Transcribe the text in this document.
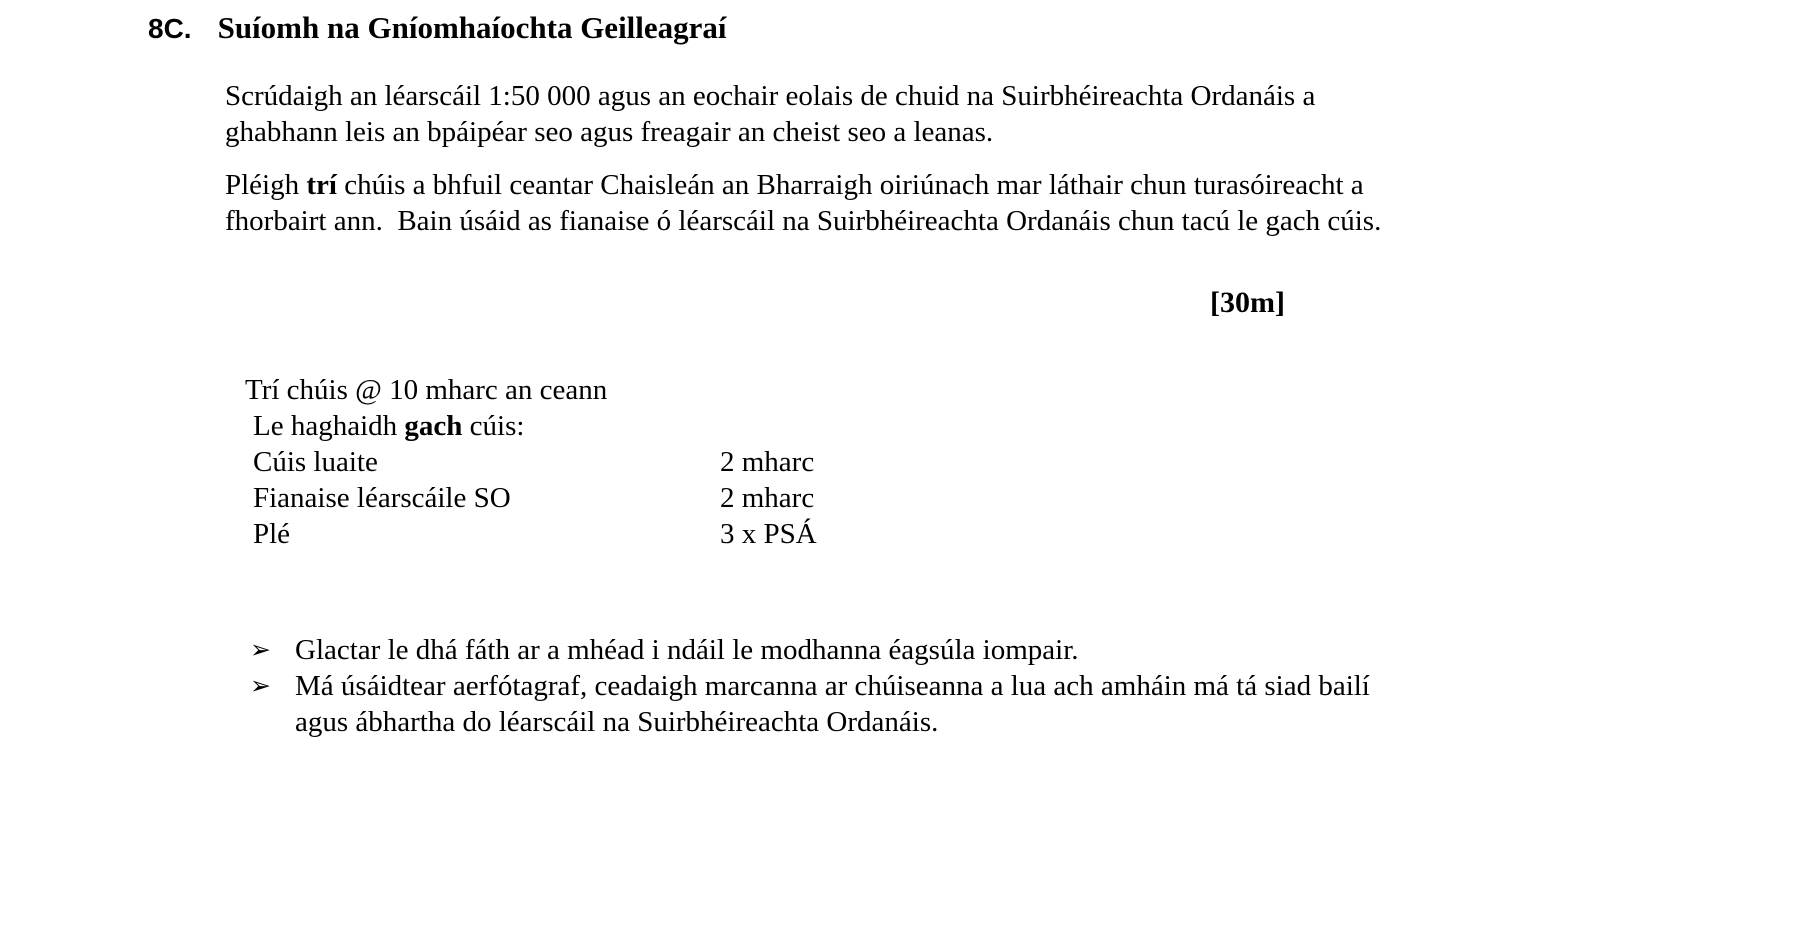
8C. Suíomh na Gníomhaíochta Geilleagraí
Scrúdaigh an léarscáil 1:50 000 agus an eochair eolais de chuid na Suirbhéireachta Ordanáis a ghabhann leis an bpáipéar seo agus freagair an cheist seo a leanas.
Pléigh trí chúis a bhfuil ceantar Chaisleán an Bharraigh oiriúnach mar láthair chun turasóireacht a fhorbairt ann.  Bain úsáid as fianaise ó léarscáil na Suirbhéireachta Ordanáis chun tacú le gach cúis.
[30m]
Trí chúis @ 10 mharc an ceann
Le haghaidh gach cúis:
Cúis luaite	2 mharc
Fianaise léarscáile SO	2 mharc
Plé	3 x PSÁ
➢ Glactar le dhá fáth ar a mhéad i ndáil le modhanna éagsúla iompair.
➢ Má úsáidtear aerfótagraf, ceadaigh marcanna ar chúiseanna a lua ach amháin má tá siad bailí agus ábhartha do léarscáil na Suirbhéireachta Ordanáis.
